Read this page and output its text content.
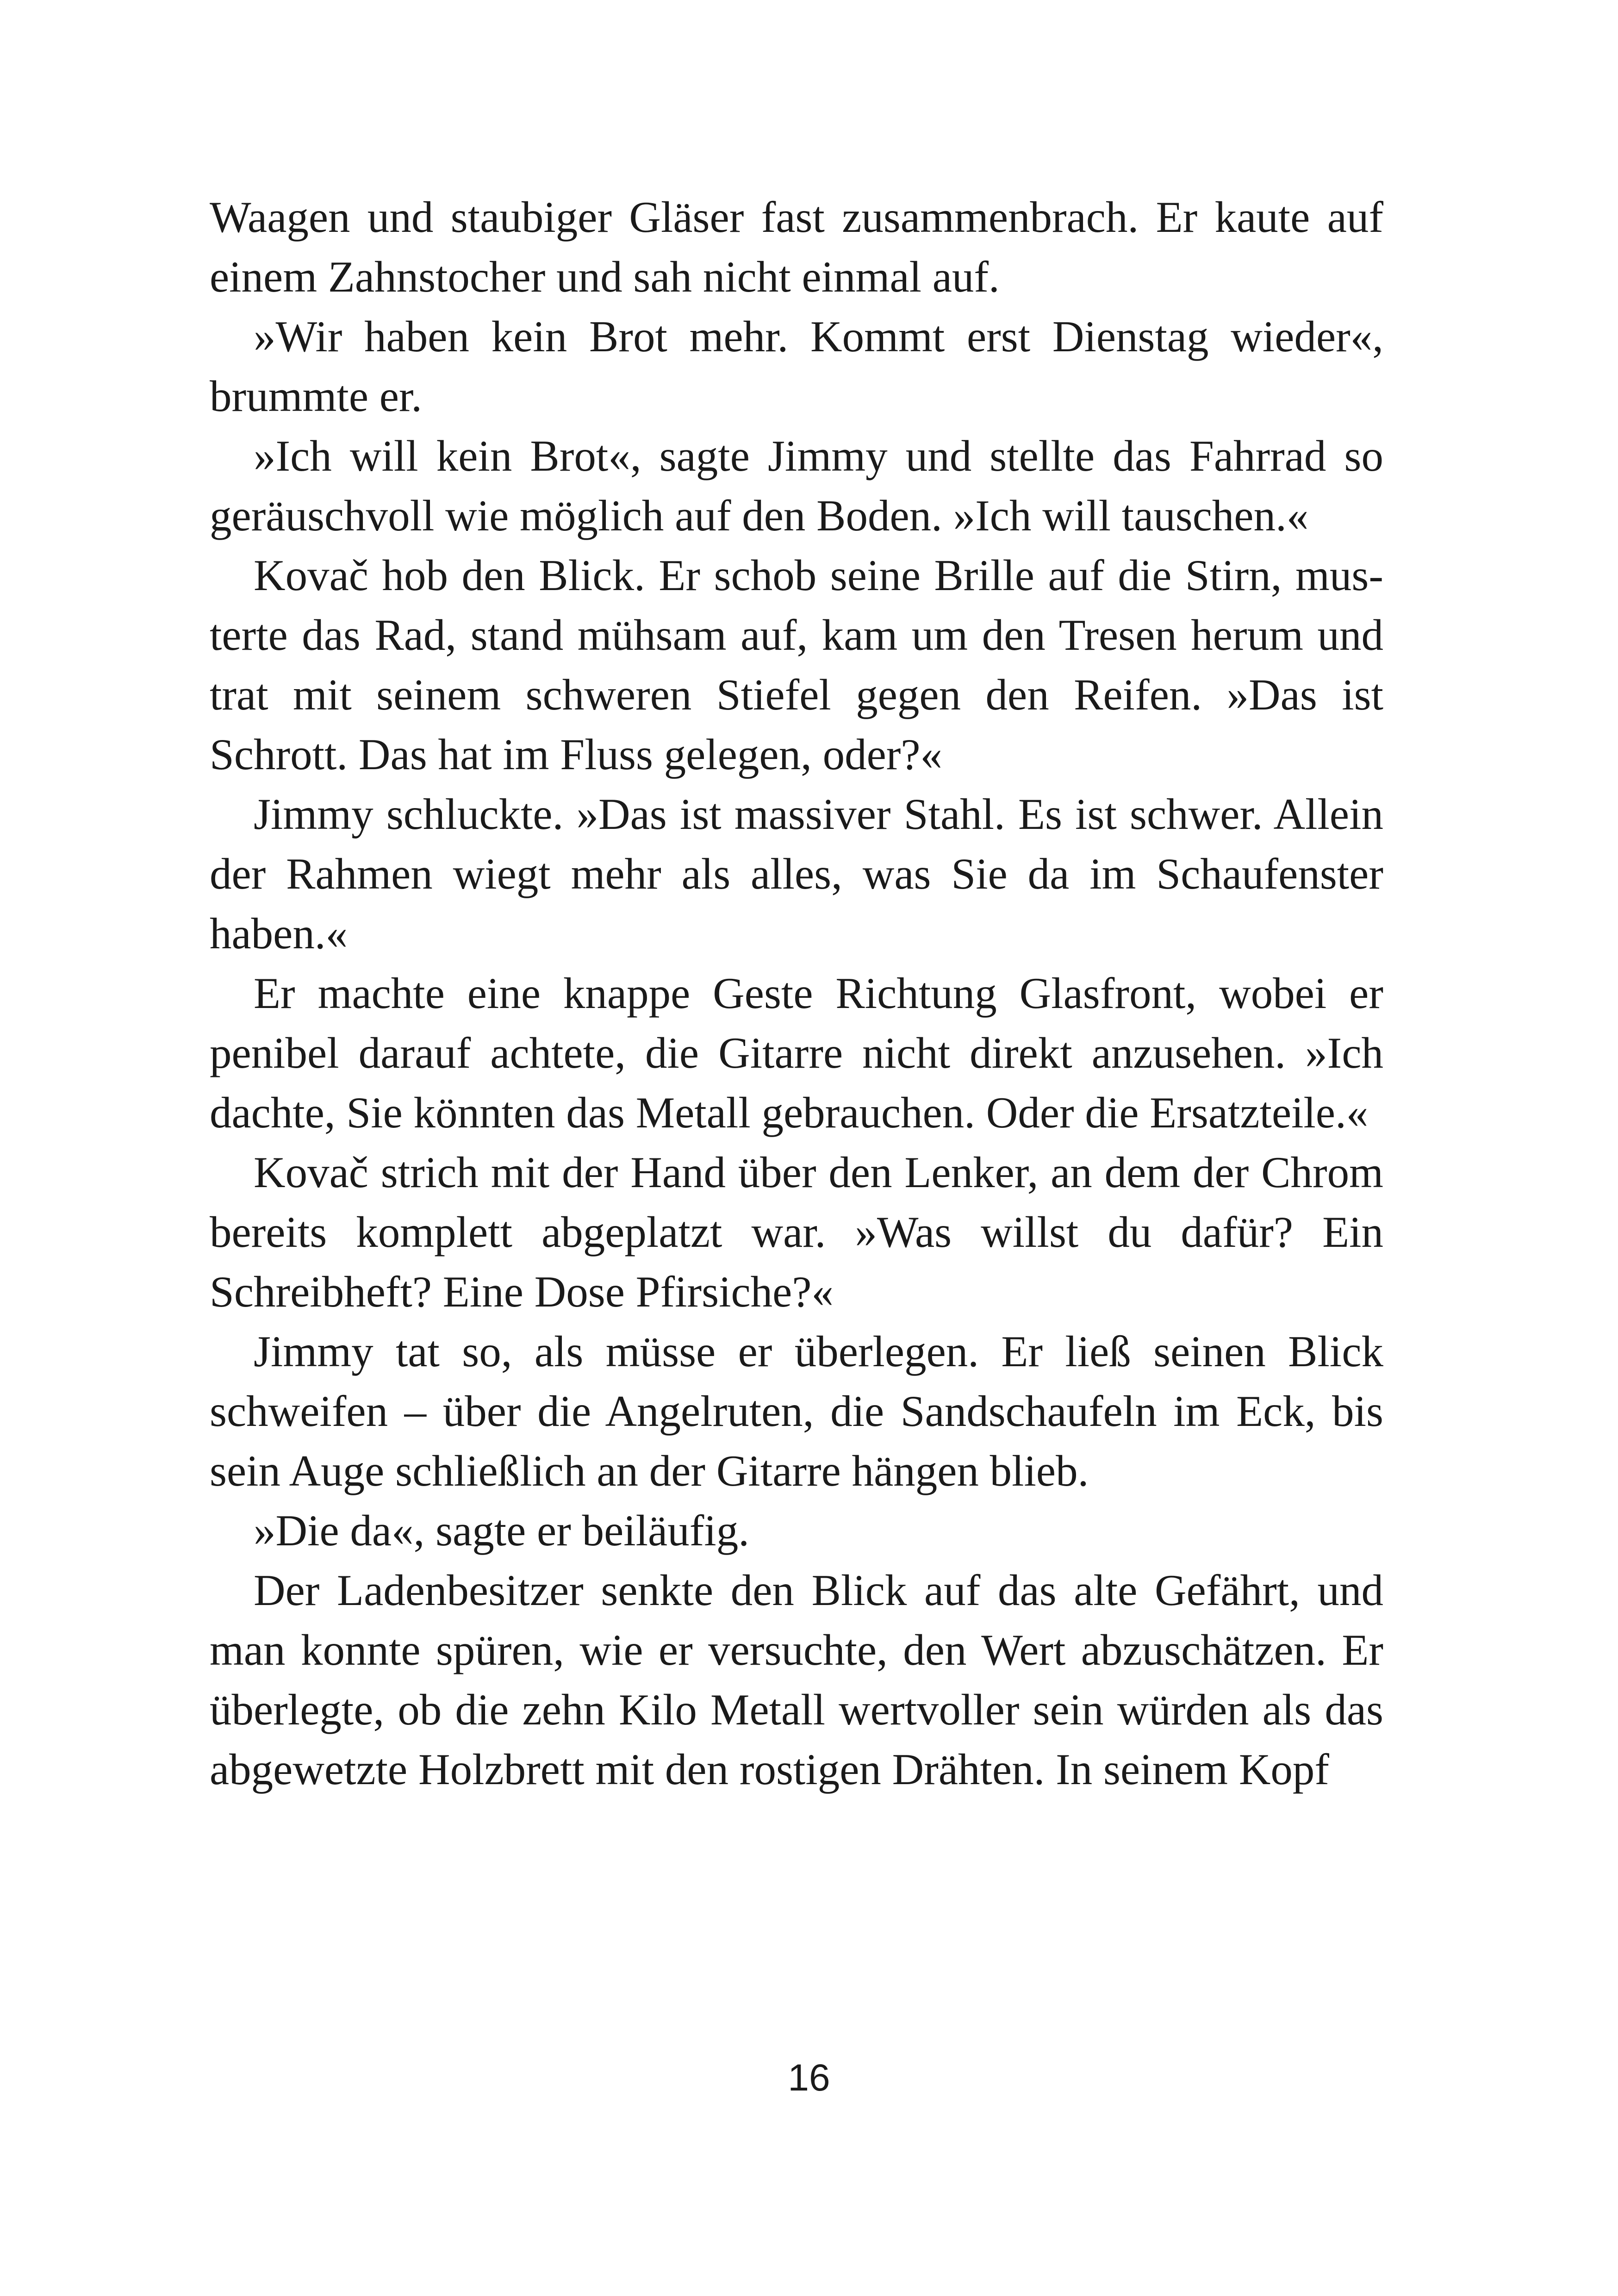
Waagen und staubiger Gläser fast zusammenbrach. Er kaute auf einem Zahnstocher und sah nicht einmal auf.

»Wir haben kein Brot mehr. Kommt erst Dienstag wieder«, brummte er.

»Ich will kein Brot«, sagte Jimmy und stellte das Fahrrad so geräuschvoll wie möglich auf den Boden. »Ich will tauschen.«

Kovač hob den Blick. Er schob seine Brille auf die Stirn, musterte das Rad, stand mühsam auf, kam um den Tresen herum und trat mit seinem schweren Stiefel gegen den Reifen. »Das ist Schrott. Das hat im Fluss gelegen, oder?«

Jimmy schluckte. »Das ist massiver Stahl. Es ist schwer. Allein der Rahmen wiegt mehr als alles, was Sie da im Schaufenster haben.«

Er machte eine knappe Geste Richtung Glasfront, wobei er penibel darauf achtete, die Gitarre nicht direkt anzusehen. »Ich dachte, Sie könnten das Metall gebrauchen. Oder die Ersatzteile.«

Kovač strich mit der Hand über den Lenker, an dem der Chrom bereits komplett abgeplatzt war. »Was willst du dafür? Ein Schreibheft? Eine Dose Pfirsiche?«

Jimmy tat so, als müsse er überlegen. Er ließ seinen Blick schweifen – über die Angelruten, die Sandschaufeln im Eck, bis sein Auge schließlich an der Gitarre hängen blieb.

»Die da«, sagte er beiläufig.

Der Ladenbesitzer senkte den Blick auf das alte Gefährt, und man konnte spüren, wie er versuchte, den Wert abzuschätzen. Er überlegte, ob die zehn Kilo Metall wertvoller sein würden als das abgewetzte Holzbrett mit den rostigen Drähten. In seinem Kopf

16
